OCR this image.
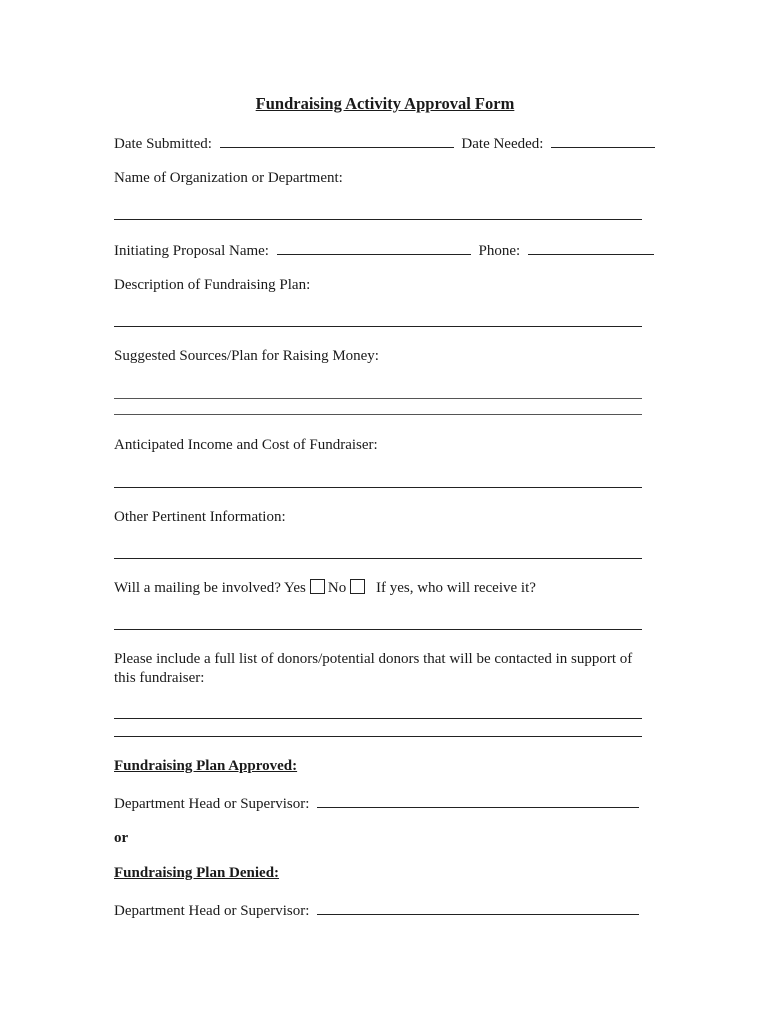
Fundraising Activity Approval Form
Date Submitted:	Date Needed:
Name of Organization or Department:
Initiating Proposal Name:	Phone:
Description of Fundraising Plan:
Suggested Sources/Plan for Raising Money:
Anticipated Income and Cost of Fundraiser:
Other Pertinent Information:
Will a mailing be involved? Yes No If yes, who will receive it?
Please include a full list of donors/potential donors that will be contacted in support of this fundraiser:
Fundraising Plan Approved:
Department Head or Supervisor:
or
Fundraising Plan Denied:
Department Head or Supervisor:
